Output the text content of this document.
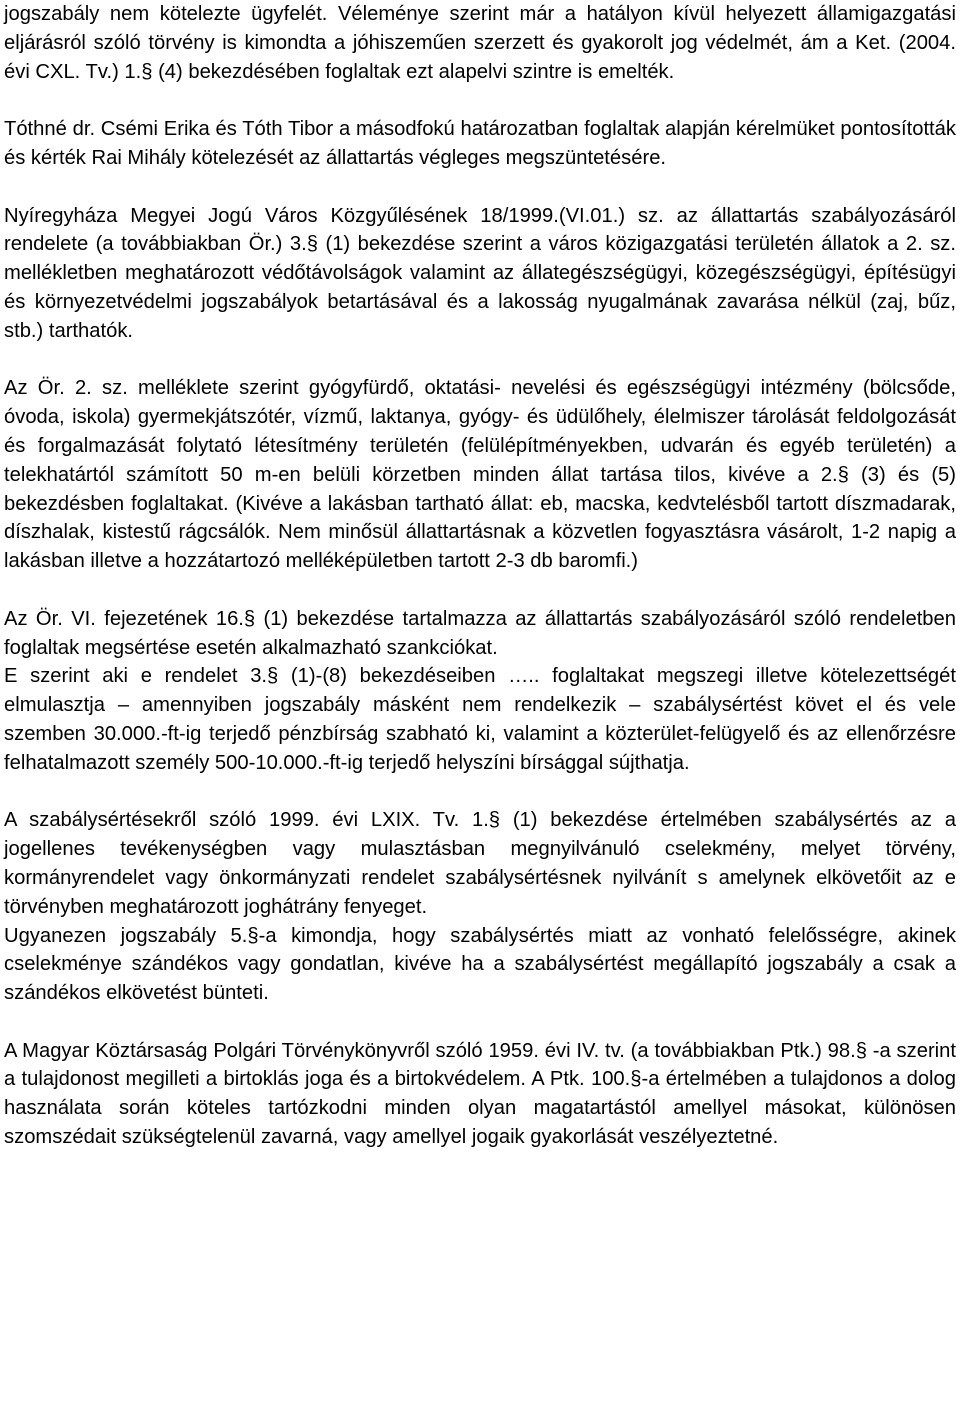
jogszabály nem kötelezte ügyfelét. Véleménye szerint már a hatályon kívül helyezett államigazgatási eljárásról szóló törvény is kimondta a jóhiszeműen szerzett és gyakorolt jog védelmét, ám a Ket. (2004. évi CXL. Tv.) 1.§ (4) bekezdésében foglaltak ezt alapelvi szintre is emelték.

Tóthné dr. Csémi Erika és Tóth Tibor a másodfokú határozatban foglaltak alapján kérelmüket pontosították és kérték Rai Mihály kötelezését az állattartás végleges megszüntetésére.

Nyíregyháza Megyei Jogú Város Közgyűlésének 18/1999.(VI.01.) sz. az állattartás szabályozásáról rendelete (a továbbiakban Ör.) 3.§ (1) bekezdése szerint a város közigazgatási területén állatok a 2. sz. mellékletben meghatározott védőtávolságok valamint az állategészségügyi, közegészségügyi, építésügyi és környezetvédelmi jogszabályok betartásával és a lakosság nyugalmának zavarása nélkül (zaj, bűz, stb.) tarthatók.

Az Ör. 2. sz. melléklete szerint gyógyfürdő, oktatási- nevelési és egészségügyi intézmény (bölcsőde, óvoda, iskola) gyermekjátszótér, vízmű, laktanya, gyógy- és üdülőhely, élelmiszer tárolását feldolgozását és forgalmazását folytató létesítmény területén (felülépítményekben, udvarán és egyéb területén) a telekhatártól számított 50 m-en belüli körzetben minden állat tartása tilos, kivéve a 2.§ (3) és (5) bekezdésben foglaltakat. (Kivéve a lakásban tartható állat: eb, macska, kedvtelésből tartott díszmadarak, díszhalak, kistestű rágcsálók. Nem minősül állattartásnak a közvetlen fogyasztásra vásárolt, 1-2 napig a lakásban illetve a hozzátartozó melléképületben tartott 2-3 db baromfi.)

Az Ör. VI. fejezetének 16.§ (1) bekezdése tartalmazza az állattartás szabályozásáról szóló rendeletben foglaltak megsértése esetén alkalmazható szankciókat.

E szerint aki e rendelet 3.§ (1)-(8) bekezdéseiben ….. foglaltakat megszegi illetve kötelezettségét elmulasztja – amennyiben jogszabály másként nem rendelkezik – szabálysértést követ el és vele szemben 30.000.-ft-ig terjedő pénzbírság szabható ki, valamint a közterület-felügyelő és az ellenőrzésre felhatalmazott személy 500-10.000.-ft-ig terjedő helyszíni bírsággal sújthatja.

A szabálysértésekről szóló 1999. évi LXIX. Tv. 1.§ (1) bekezdése értelmében szabálysértés az a jogellenes tevékenységben vagy mulasztásban megnyilvánuló cselekmény, melyet törvény, kormányrendelet vagy önkormányzati rendelet szabálysértésnek nyilvánít s amelynek elkövetőit az e törvényben meghatározott joghátrány fenyeget.

Ugyanezen jogszabály 5.§-a kimondja, hogy szabálysértés miatt az vonható felelősségre, akinek cselekménye szándékos vagy gondatlan, kivéve ha a szabálysértést megállapító jogszabály a csak a szándékos elkövetést bünteti.

A Magyar Köztársaság Polgári Törvénykönyvről szóló 1959. évi IV. tv. (a továbbiakban Ptk.) 98.§ -a szerint a tulajdonost megilleti a birtoklás joga és a birtokvédelem. A Ptk. 100.§-a értelmében a tulajdonos a dolog használata során köteles tartózkodni minden olyan magatartástól amellyel másokat, különösen szomszédait szükségtelenül zavarná, vagy amellyel jogaik gyakorlását veszélyeztetné.
